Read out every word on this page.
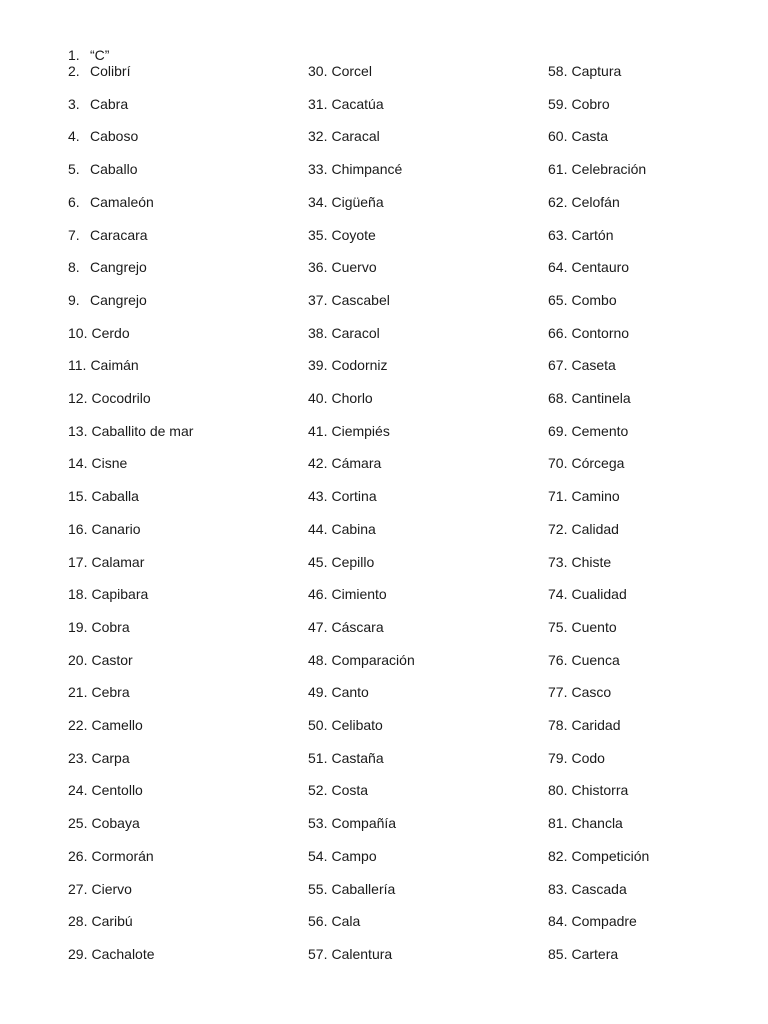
1. “C”
2. Colibrí
3. Cabra
4. Caboso
5. Caballo
6. Camaleón
7. Caracara
8. Cangrejo
9. Cangrejo
10. Cerdo
11. Caimán
12. Cocodrilo
13. Caballito de mar
14. Cisne
15. Caballa
16. Canario
17. Calamar
18. Capibara
19. Cobra
20. Castor
21. Cebra
22. Camello
23. Carpa
24. Centollo
25. Cobaya
26. Cormorán
27. Ciervo
28. Caribú
29. Cachalote
30. Corcel
31. Cacatúa
32. Caracal
33. Chimpancé
34. Cigüeña
35. Coyote
36. Cuervo
37. Cascabel
38. Caracol
39. Codorniz
40. Chorlo
41. Ciempiés
42. Cámara
43. Cortina
44. Cabina
45. Cepillo
46. Cimiento
47. Cáscara
48. Comparación
49. Canto
50. Celibato
51. Castaña
52. Costa
53. Compañía
54. Campo
55. Caballería
56. Cala
57. Calentura
58. Captura
59. Cobro
60. Casta
61. Celebración
62. Celofán
63. Cartón
64. Centauro
65. Combo
66. Contorno
67. Caseta
68. Cantinela
69. Cemento
70. Córcega
71. Camino
72. Calidad
73. Chiste
74. Cualidad
75. Cuento
76. Cuenca
77. Casco
78. Caridad
79. Codo
80. Chistorra
81. Chancla
82. Competición
83. Cascada
84. Compadre
85. Cartera
